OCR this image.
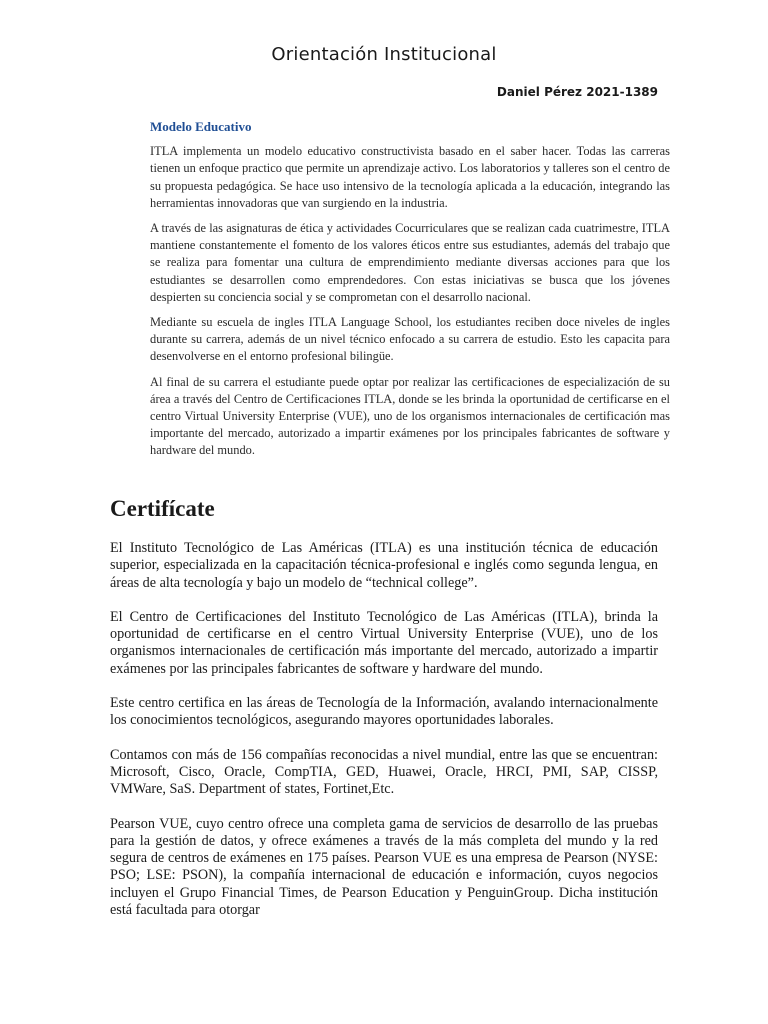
Orientación Institucional
Daniel Pérez 2021-1389
Modelo Educativo

ITLA implementa un modelo educativo constructivista basado en el saber hacer. Todas las carreras tienen un enfoque practico que permite un aprendizaje activo. Los laboratorios y talleres son el centro de su propuesta pedagógica. Se hace uso intensivo de la tecnología aplicada a la educación, integrando las herramientas innovadoras que van surgiendo en la industria.

A través de las asignaturas de ética y actividades Cocurriculares que se realizan cada cuatrimestre, ITLA mantiene constantemente el fomento de los valores éticos entre sus estudiantes, además del trabajo que se realiza para fomentar una cultura de emprendimiento mediante diversas acciones para que los estudiantes se desarrollen como emprendedores. Con estas iniciativas se busca que los jóvenes despierten su conciencia social y se comprometan con el desarrollo nacional.

Mediante su escuela de ingles ITLA Language School, los estudiantes reciben doce niveles de ingles durante su carrera, además de un nivel técnico enfocado a su carrera de estudio. Esto les capacita para desenvolverse en el entorno profesional bilingüe.

Al final de su carrera el estudiante puede optar por realizar las certificaciones de especialización de su área a través del Centro de Certificaciones ITLA, donde se les brinda la oportunidad de certificarse en el centro Virtual University Enterprise (VUE), uno de los organismos internacionales de certificación mas importante del mercado, autorizado a impartir exámenes por los principales fabricantes de software y hardware del mundo.

Certifícate

El Instituto Tecnológico de Las Américas (ITLA) es una institución técnica de educación superior, especializada en la capacitación técnica-profesional e inglés como segunda lengua, en áreas de alta tecnología y bajo un modelo de “technical college”.

El Centro de Certificaciones del Instituto Tecnológico de Las Américas (ITLA), brinda la oportunidad de certificarse en el centro Virtual University Enterprise (VUE), uno de los organismos internacionales de certificación más importante del mercado, autorizado a impartir exámenes por las principales fabricantes de software y hardware del mundo.

Este centro certifica en las áreas de Tecnología de la Información, avalando internacionalmente los conocimientos tecnológicos, asegurando mayores oportunidades laborales.

Contamos con más de 156 compañías reconocidas a nivel mundial, entre las que se encuentran: Microsoft, Cisco, Oracle, CompTIA, GED, Huawei, Oracle, HRCI, PMI, SAP, CISSP, VMWare, SaS. Department of states, Fortinet,Etc.

Pearson VUE, cuyo centro ofrece una completa gama de servicios de desarrollo de las pruebas para la gestión de datos, y ofrece exámenes a través de la más completa del mundo y la red segura de centros de exámenes en 175 países. Pearson VUE es una empresa de Pearson (NYSE: PSO; LSE: PSON), la compañía internacional de educación e información, cuyos negocios incluyen el Grupo Financial Times, de Pearson Education y PenguinGroup. Dicha institución está facultada para otorgar
